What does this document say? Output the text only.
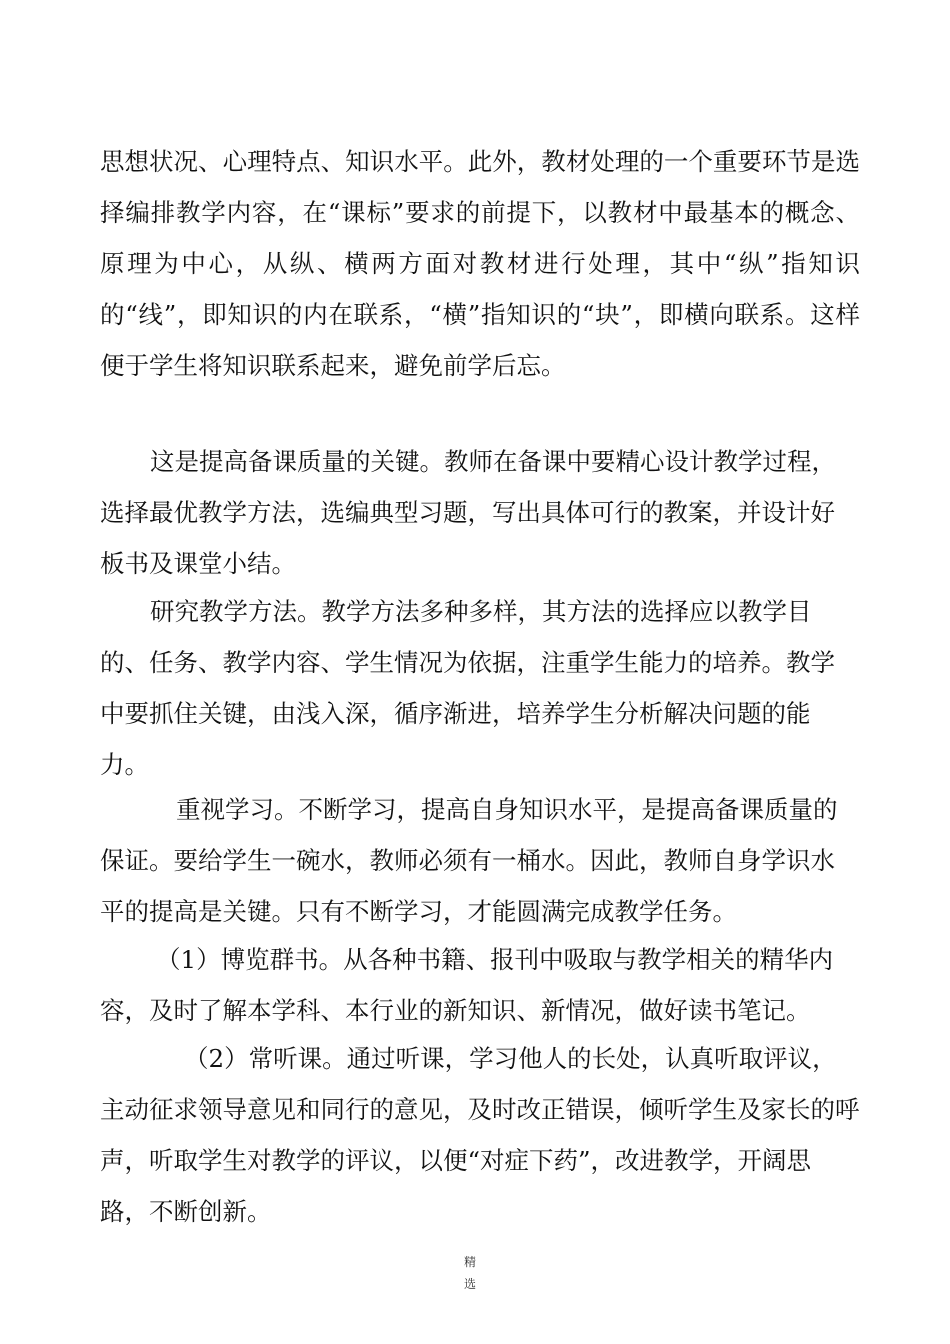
思想状况、心理特点、知识水平。此外，教材处理的一个重要环节是选择编排教学内容，在“课标”要求的前提下，以教材中最基本的概念、原理为中心，从纵、横两方面对教材进行处理，其中“纵”指知识的“线”，即知识的内在联系，“横”指知识的“块”，即横向联系。这样便于学生将知识联系起来，避免前学后忘。

这是提高备课质量的关键。教师在备课中要精心设计教学过程，选择最优教学方法，选编典型习题，写出具体可行的教案，并设计好板书及课堂小结。

研究教学方法。教学方法多种多样，其方法的选择应以教学目的、任务、教学内容、学生情况为依据，注重学生能力的培养。教学中要抓住关键，由浅入深，循序渐进，培养学生分析解决问题的能力。

重视学习。不断学习，提高自身知识水平，是提高备课质量的保证。要给学生一碗水，教师必须有一桶水。因此，教师自身学识水平的提高是关键。只有不断学习，才能圆满完成教学任务。

（1）博览群书。从各种书籍、报刊中吸取与教学相关的精华内容，及时了解本学科、本行业的新知识、新情况，做好读书笔记。

（2）常听课。通过听课，学习他人的长处，认真听取评议，主动征求领导意见和同行的意见，及时改正错误，倾听学生及家长的呼声，听取学生对教学的评议，以便“对症下药”，改进教学，开阔思路，不断创新。

精
选
